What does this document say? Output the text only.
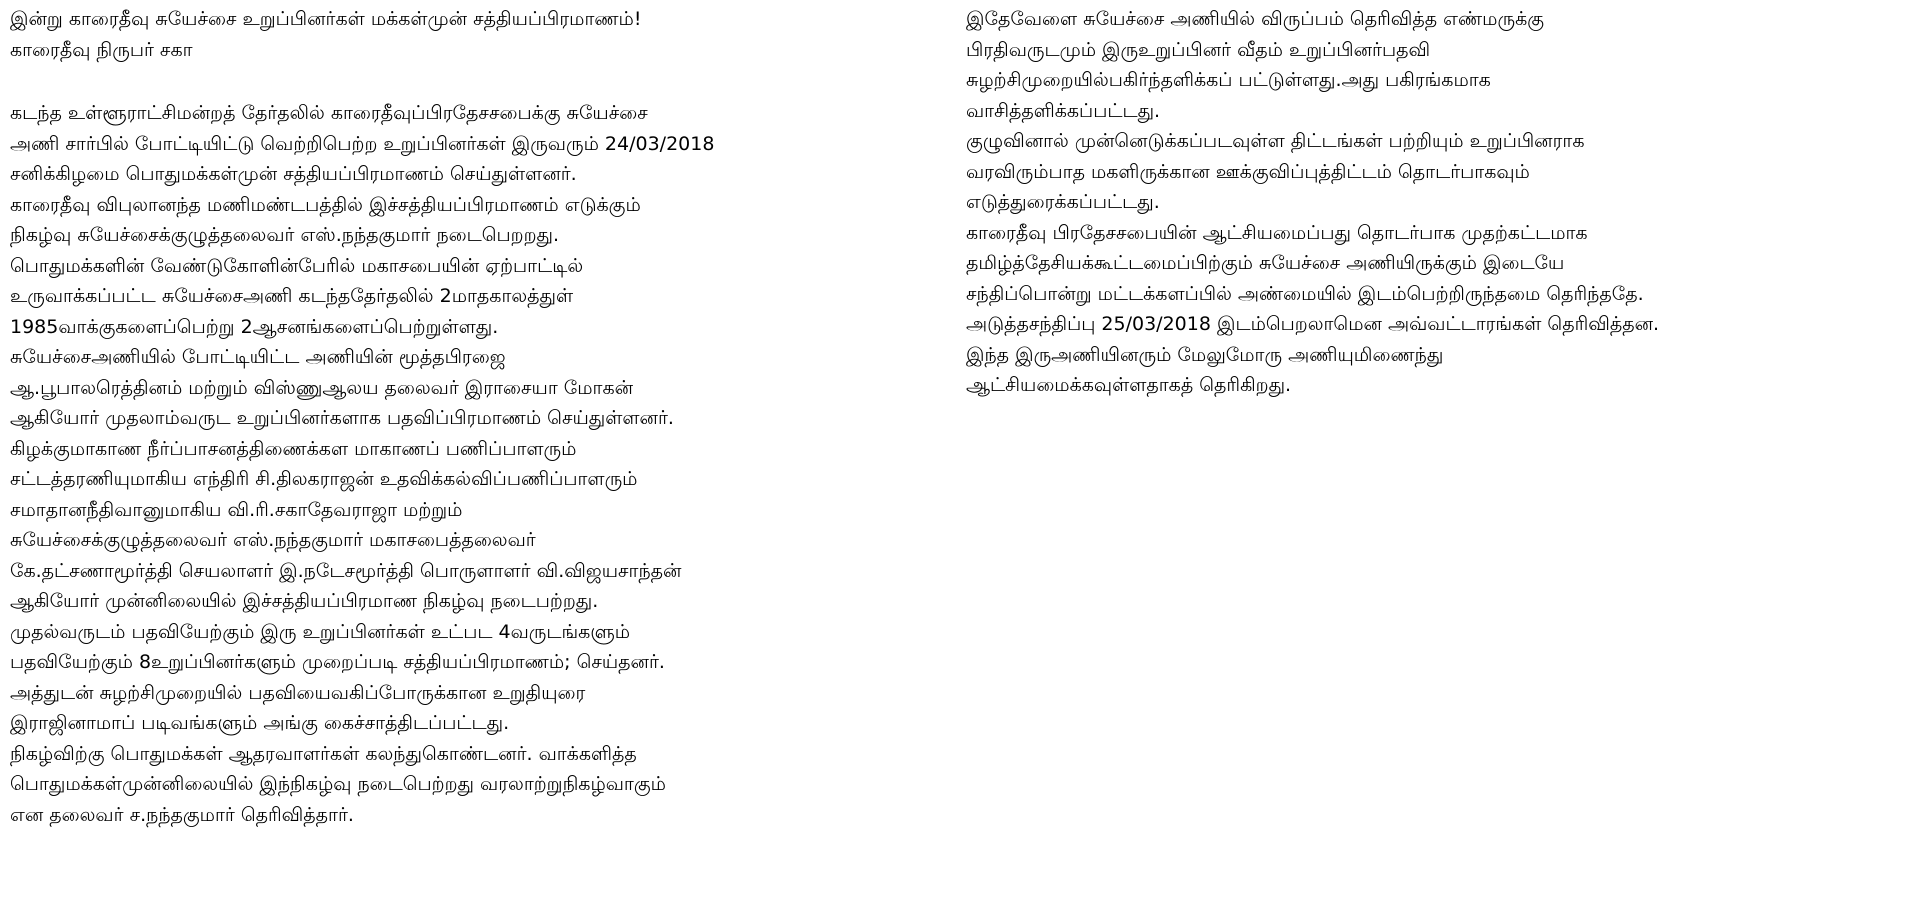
இன்று காரைதீவு சுயேச்சை உறுப்பினர்கள் மக்கள்முன் சத்தியப்பிரமாணம்!
காரைதீவு நிருபர் சகா
கடந்த உள்ளூராட்சிமன்றத் தேர்தலில் காரைதீவுப்பிரதேசசபைக்கு சுயேச்சை
அணி சார்பில் போட்டியிட்டு வெற்றிபெற்ற உறுப்பினர்கள் இருவரும் 24/03/2018
சனிக்கிழமை பொதுமக்கள்முன் சத்தியப்பிரமாணம் செய்துள்ளனர்.
காரைதீவு விபுலானந்த மணிமண்டபத்தில் இச்சத்தியப்பிரமாணம் எடுக்கும்
நிகழ்வு சுயேச்சைக்குழுத்தலைவர் எஸ்.நந்தகுமார் நடைபெறறது.
பொதுமக்களின் வேண்டுகோளின்பேரில் மகாசபையின் ஏற்பாட்டில்
உருவாக்கப்பட்ட சுயேச்சைஅணி கடந்ததேர்தலில் 2மாதகாலத்துள்
1985வாக்குகளைப்பெற்று 2ஆசனங்களைப்பெற்றுள்ளது.
சுயேச்சைஅணியில் போட்டியிட்ட அணியின் மூத்தபிரஜை
ஆ.பூபாலரெத்தினம் மற்றும் விஸ்ணுஆலய தலைவர் இராசையா மோகன்
ஆகியோர் முதலாம்வருட உறுப்பினர்களாக பதவிப்பிரமாணம் செய்துள்ளனர்.
கிழக்குமாகாண நீர்ப்பாசனத்திணைக்கள மாகாணப் பணிப்பாளரும்
சட்டத்தரணியுமாகிய எந்திரி சி.திலகராஜன் உதவிக்கல்விப்பணிப்பாளரும்
சமாதானநீதிவானுமாகிய வி.ரி.சகாதேவராஜா மற்றும்
சுயேச்சைக்குழுத்தலைவர் எஸ்.நந்தகுமார் மகாசபைத்தலைவர்
கே.தட்சணாமூர்த்தி செயலாளர் இ.நடேசமூர்த்தி பொருளாளர் வி.விஜயசாந்தன்
ஆகியோர் முன்னிலையில் இச்சத்தியப்பிரமாண நிகழ்வு நடைபற்றது.
முதல்வருடம் பதவியேற்கும் இரு உறுப்பினர்கள் உட்பட 4வருடங்களும்
பதவியேற்கும் 8உறுப்பினர்களும் முறைப்படி சத்தியப்பிரமாணம்; செய்தனர்.
அத்துடன் சுழற்சிமுறையில் பதவியைவகிப்போருக்கான உறுதியுரை
இராஜினாமாப் படிவங்களும் அங்கு கைச்சாத்திடப்பட்டது.
நிகழ்விற்கு பொதுமக்கள் ஆதரவாளர்கள் கலந்துகொண்டனர். வாக்களித்த
பொதுமக்கள்முன்னிலையில் இந்நிகழ்வு நடைபெற்றது வரலாற்றுநிகழ்வாகும்
என தலைவர் ச.நந்தகுமார் தெரிவித்தார்.
இதேவேளை சுயேச்சை அணியில் விருப்பம் தெரிவித்த எண்மருக்கு
பிரதிவருடமும் இருஉறுப்பினர் வீதம் உறுப்பினர்பதவி
சுழற்சிமுறையில்பகிர்ந்தளிக்கப் பட்டுள்ளது.அது பகிரங்கமாக
வாசித்தளிக்கப்பட்டது.
குழுவினால் முன்னெடுக்கப்படவுள்ள திட்டங்கள் பற்றியும் உறுப்பினராக
வரவிரும்பாத மகளிருக்கான ஊக்குவிப்புத்திட்டம் தொடர்பாகவும்
எடுத்துரைக்கப்பட்டது.
காரைதீவு பிரதேசசபையின் ஆட்சியமைப்பது தொடர்பாக முதற்கட்டமாக
தமிழ்த்தேசியக்கூட்டமைப்பிற்கும் சுயேச்சை அணியிருக்கும் இடையே
சந்திப்பொன்று மட்டக்களப்பில் அண்மையில் இடம்பெற்றிருந்தமை தெரிந்ததே.
அடுத்தசந்திப்பு 25/03/2018 இடம்பெறலாமென அவ்வட்டாரங்கள் தெரிவித்தன.
இந்த இருஅணியினரும் மேலுமோரு அணியுமிணைந்து
ஆட்சியமைக்கவுள்ளதாகத் தெரிகிறது.
